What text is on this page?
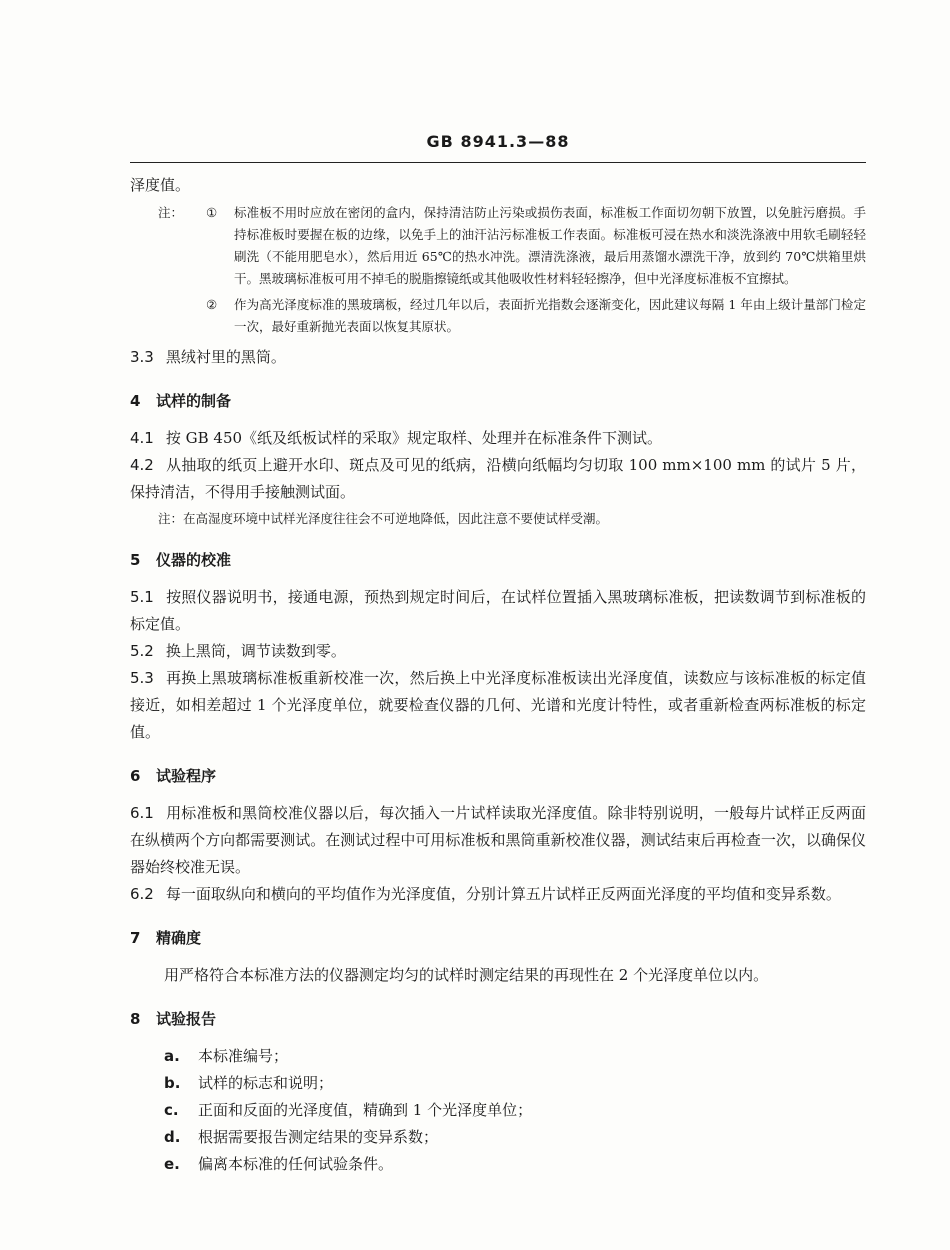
GB 8941.3—88

泽度值。

注：	①	标准板不用时应放在密闭的盒内，保持清洁防止污染或损伤表面，标准板工作面切勿朝下放置，以免脏污磨损。手持标准板时要握在板的边缘，以免手上的油汗沾污标准板工作表面。标准板可浸在热水和淡洗涤液中用软毛刷轻轻刷洗（不能用肥皂水），然后用近 65℃的热水冲洗。漂清洗涤液，最后用蒸馏水漂洗干净，放到约 70℃烘箱里烘干。黑玻璃标准板可用不掉毛的脱脂擦镜纸或其他吸收性材料轻轻擦净，但中光泽度标准板不宜擦拭。
②	作为高光泽度标准的黑玻璃板，经过几年以后，表面折光指数会逐渐变化，因此建议每隔 1 年由上级计量部门检定一次，最好重新抛光表面以恢复其原状。

3.3 黑绒衬里的黑筒。

4 试样的制备

4.1 按 GB 450《纸及纸板试样的采取》规定取样、处理并在标准条件下测试。

4.2 从抽取的纸页上避开水印、斑点及可见的纸病，沿横向纸幅均匀切取 100 mm×100 mm 的试片 5 片，保持清洁，不得用手接触测试面。

注：在高湿度环境中试样光泽度往往会不可逆地降低，因此注意不要使试样受潮。

5 仪器的校准

5.1 按照仪器说明书，接通电源，预热到规定时间后，在试样位置插入黑玻璃标准板，把读数调节到标准板的标定值。

5.2 换上黑筒，调节读数到零。

5.3 再换上黑玻璃标准板重新校准一次，然后换上中光泽度标准板读出光泽度值，读数应与该标准板的标定值接近，如相差超过 1 个光泽度单位，就要检查仪器的几何、光谱和光度计特性，或者重新检查两标准板的标定值。

6 试验程序

6.1 用标准板和黑筒校准仪器以后，每次插入一片试样读取光泽度值。除非特别说明，一般每片试样正反两面在纵横两个方向都需要测试。在测试过程中可用标准板和黑筒重新校准仪器，测试结束后再检查一次，以确保仪器始终校准无误。

6.2 每一面取纵向和横向的平均值作为光泽度值，分别计算五片试样正反两面光泽度的平均值和变异系数。

7 精确度

用严格符合本标准方法的仪器测定均匀的试样时测定结果的再现性在 2 个光泽度单位以内。

8 试验报告
a.	本标准编号；
b.	试样的标志和说明；
c.	正面和反面的光泽度值，精确到 1 个光泽度单位；
d.	根据需要报告测定结果的变异系数；
e.	偏离本标准的任何试验条件。
